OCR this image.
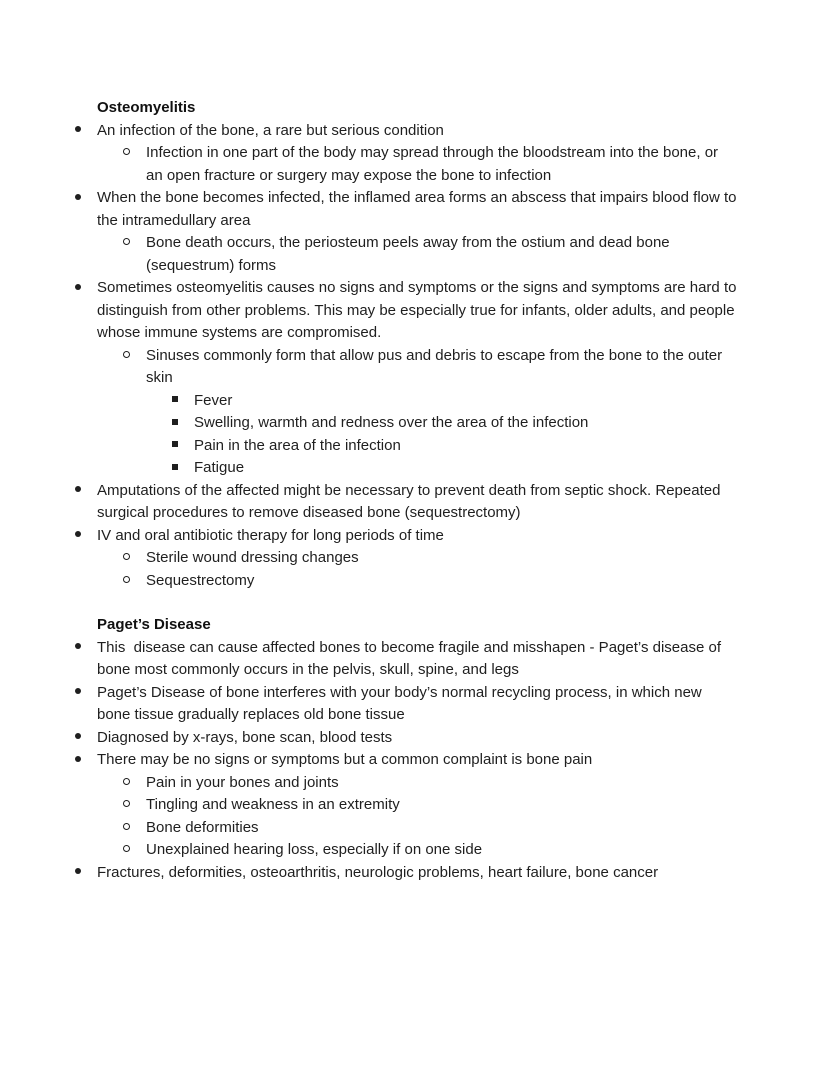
Osteomyelitis
An infection of the bone, a rare but serious condition
Infection in one part of the body may spread through the bloodstream into the bone, or an open fracture or surgery may expose the bone to infection
When the bone becomes infected, the inflamed area forms an abscess that impairs blood flow to the intramedullary area
Bone death occurs, the periosteum peels away from the ostium and dead bone (sequestrum) forms
Sometimes osteomyelitis causes no signs and symptoms or the signs and symptoms are hard to distinguish from other problems. This may be especially true for infants, older adults, and people whose immune systems are compromised.
Sinuses commonly form that allow pus and debris to escape from the bone to the outer skin
Fever
Swelling, warmth and redness over the area of the infection
Pain in the area of the infection
Fatigue
Amputations of the affected might be necessary to prevent death from septic shock. Repeated surgical procedures to remove diseased bone (sequestrectomy)
IV and oral antibiotic therapy for long periods of time
Sterile wound dressing changes
Sequestrectomy
Paget’s Disease
This  disease can cause affected bones to become fragile and misshapen - Paget’s disease of bone most commonly occurs in the pelvis, skull, spine, and legs
Paget’s Disease of bone interferes with your body’s normal recycling process, in which new bone tissue gradually replaces old bone tissue
Diagnosed by x-rays, bone scan, blood tests
There may be no signs or symptoms but a common complaint is bone pain
Pain in your bones and joints
Tingling and weakness in an extremity
Bone deformities
Unexplained hearing loss, especially if on one side
Fractures, deformities, osteoarthritis, neurologic problems, heart failure, bone cancer
